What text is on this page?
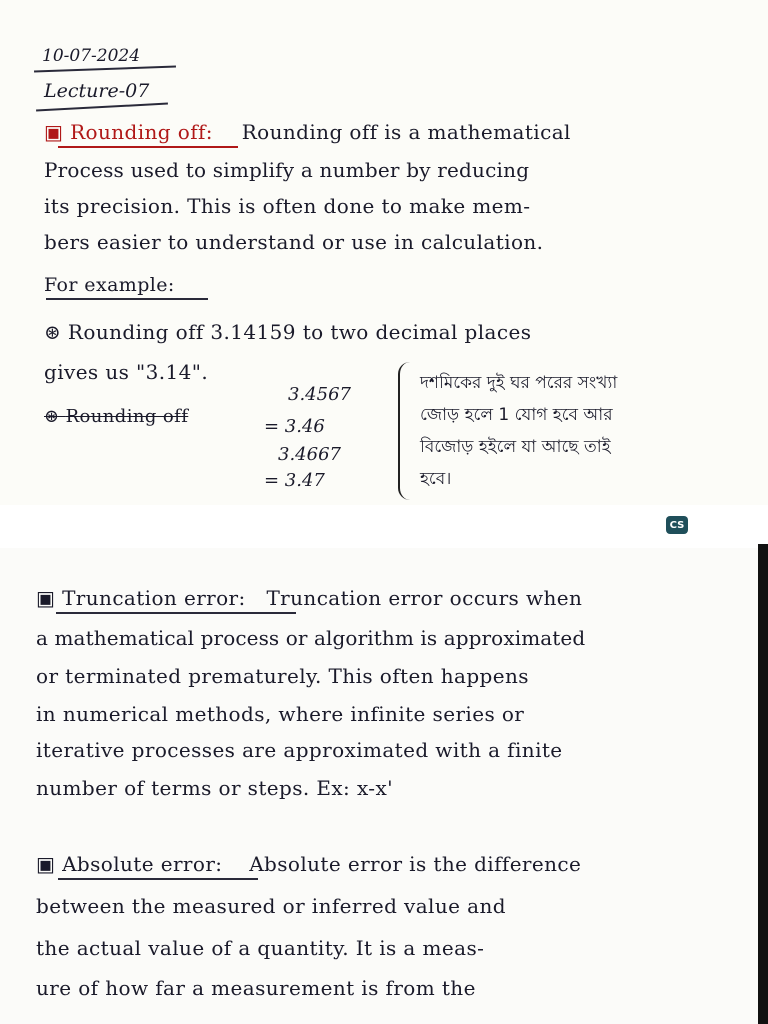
10-07-2024
Lecture-07
▣ Rounding off: Rounding off is a mathematical
Process used to simplify a number by reducing
its precision. This is often done to make mem-
bers easier to understand or use in calculation.
For example:
⊛ Rounding off 3.14159 to two decimal places
gives us "3.14".
⊛ Rounding off
3.4567
= 3.46
3.4667
= 3.47
দশমিকের দুই ঘর পরের সংখ্যা
জোড় হলে 1 যোগ হবে আর
বিজোড় হইলে যা আছে তাই
হবে।
CS
▣ Truncation error: Truncation error occurs when
a mathematical process or algorithm is approximated
or terminated prematurely. This often happens
in numerical methods, where infinite series or
iterative processes are approximated with a finite
number of terms or steps. Ex: x-x'
▣ Absolute error: Absolute error is the difference
between the measured or inferred value and
the actual value of a quantity. It is a meas-
ure of how far a measurement is from the
